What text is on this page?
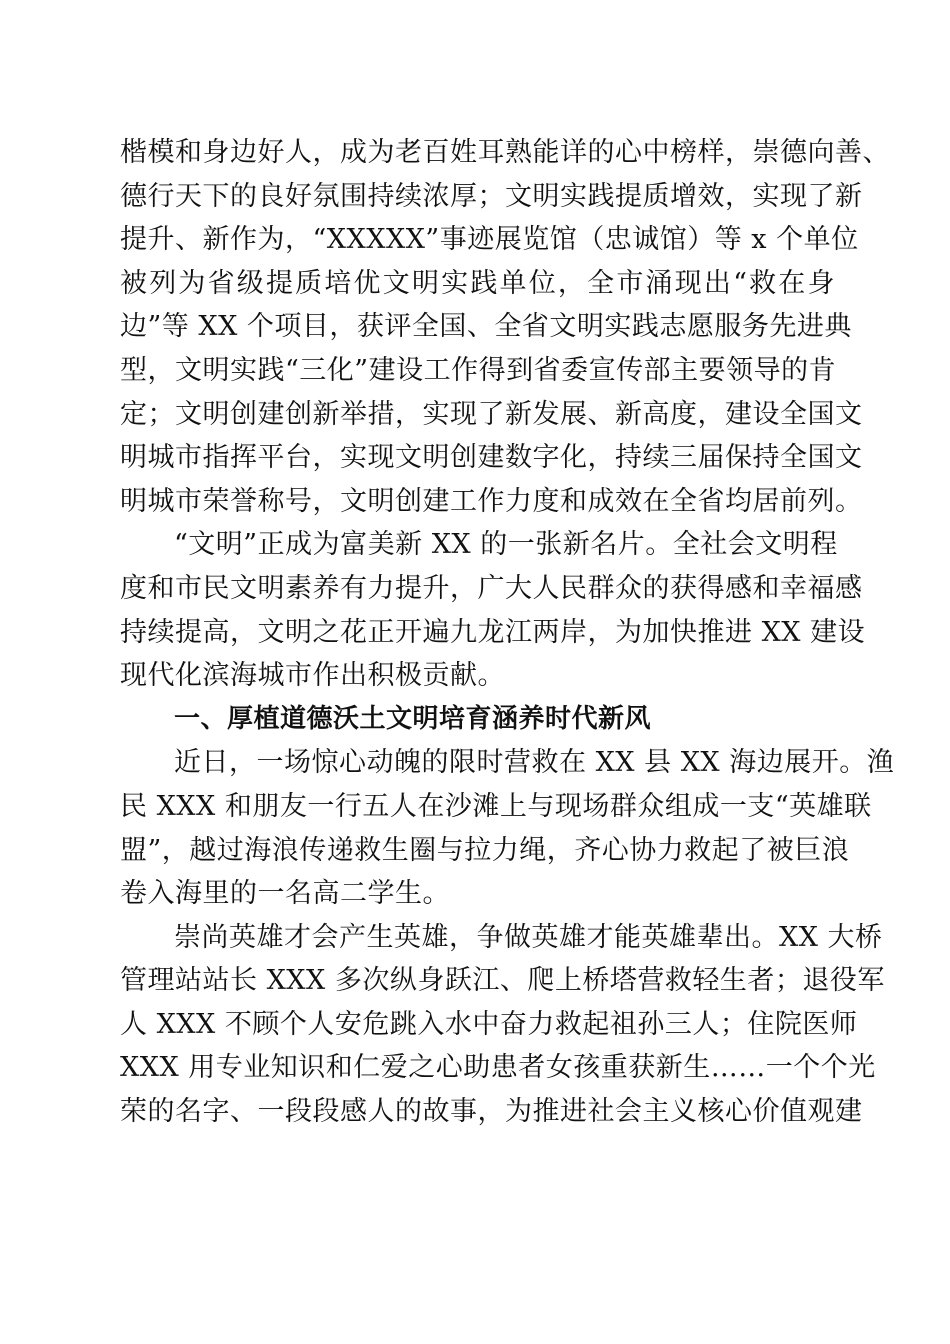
楷模和身边好人，成为老百姓耳熟能详的心中榜样，崇德向善、
德行天下的良好氛围持续浓厚；文明实践提质增效，实现了新
提升、新作为，“XXXXX”事迹展览馆（忠诚馆）等 x 个单位
被列为省级提质培优文明实践单位，全市涌现出“救在身
边”等 XX 个项目，获评全国、全省文明实践志愿服务先进典
型，文明实践“三化”建设工作得到省委宣传部主要领导的肯
定；文明创建创新举措，实现了新发展、新高度，建设全国文
明城市指挥平台，实现文明创建数字化，持续三届保持全国文
明城市荣誉称号，文明创建工作力度和成效在全省均居前列。
“文明”正成为富美新 XX 的一张新名片。全社会文明程
度和市民文明素养有力提升，广大人民群众的获得感和幸福感
持续提高，文明之花正开遍九龙江两岸，为加快推进 XX 建设
现代化滨海城市作出积极贡献。
一、厚植道德沃土文明培育涵养时代新风
近日，一场惊心动魄的限时营救在 XX 县 XX 海边展开。渔
民 XXX 和朋友一行五人在沙滩上与现场群众组成一支“英雄联
盟”，越过海浪传递救生圈与拉力绳，齐心协力救起了被巨浪
卷入海里的一名高二学生。
崇尚英雄才会产生英雄，争做英雄才能英雄辈出。XX 大桥
管理站站长 XXX 多次纵身跃江、爬上桥塔营救轻生者；退役军
人 XXX 不顾个人安危跳入水中奋力救起祖孙三人；住院医师
XXX 用专业知识和仁爱之心助患者女孩重获新生……一个个光
荣的名字、一段段感人的故事，为推进社会主义核心价值观建
